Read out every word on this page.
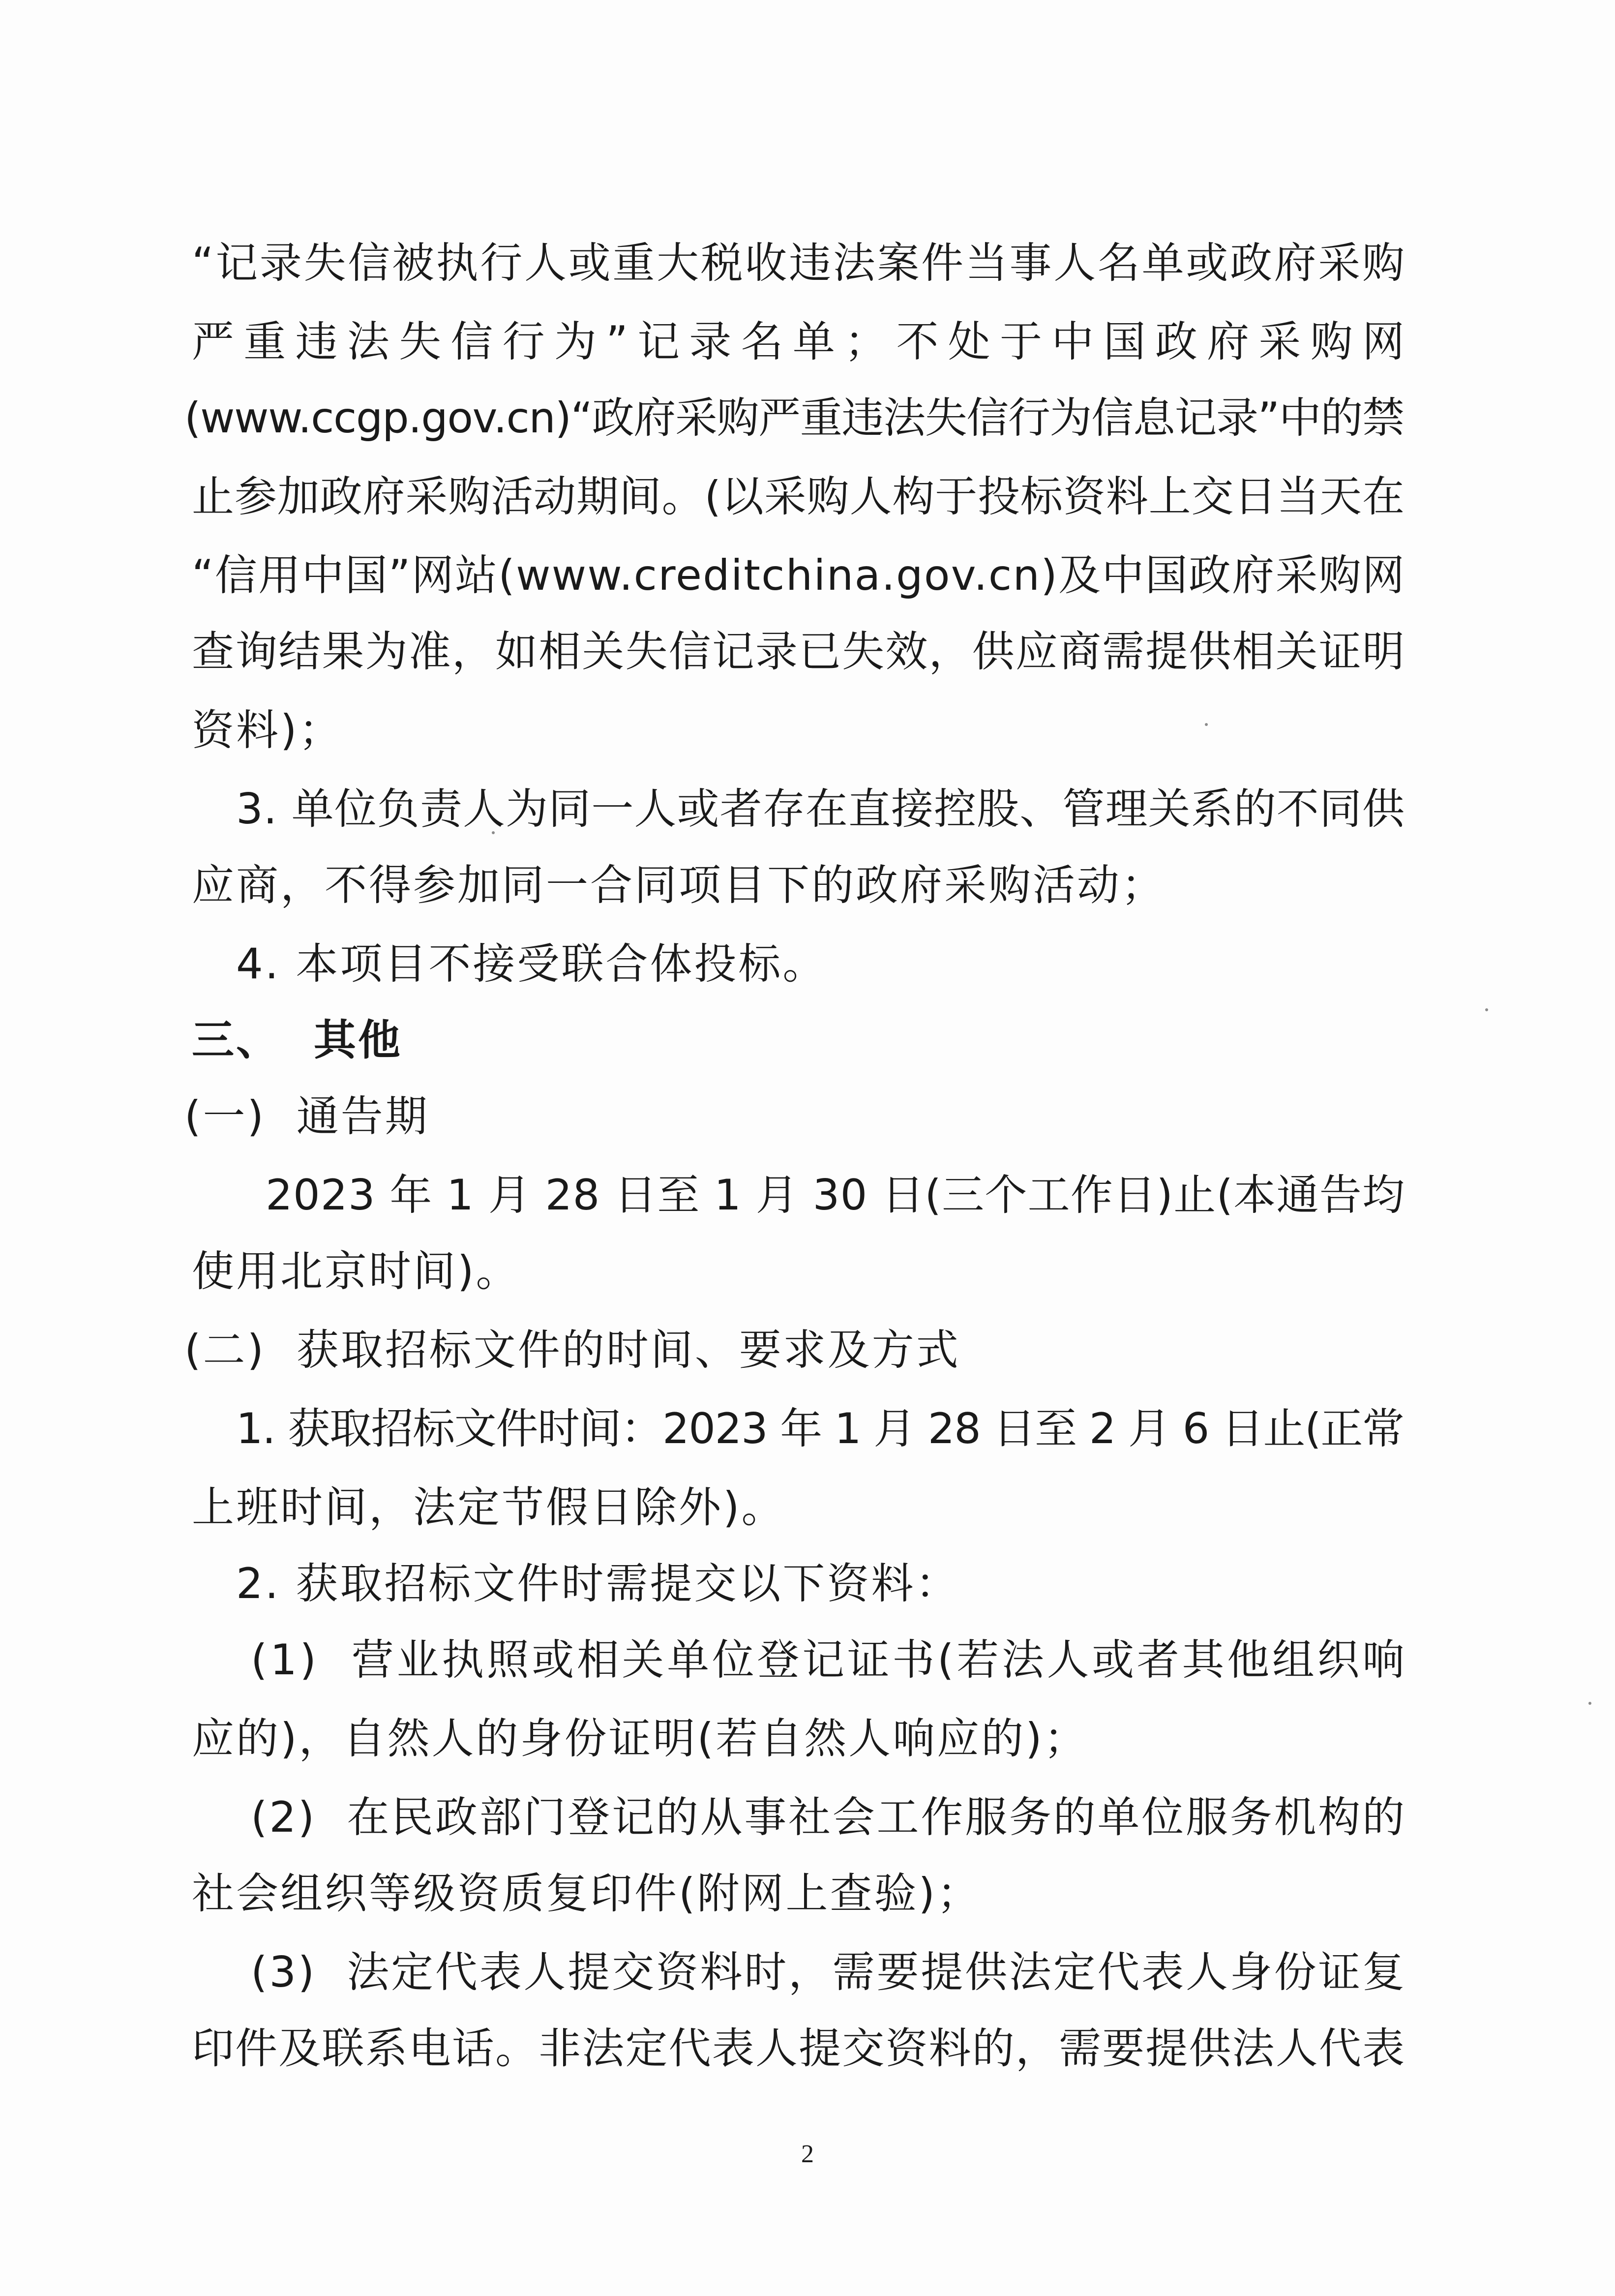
2
“记录失信被执行人或重大税收违法案件当事人名单或政府采购
严重违法失信行为”记录名单；不处于中国政府采购网
(www.ccgp.gov.cn)“政府采购严重违法失信行为信息记录”中的禁
止参加政府采购活动期间。(以采购人构于投标资料上交日当天在
“信用中国”网站(www.creditchina.gov.cn)及中国政府采购网
查询结果为准，如相关失信记录已失效，供应商需提供相关证明
资料)；
3. 单位负责人为同一人或者存在直接控股、管理关系的不同供
应商，不得参加同一合同项目下的政府采购活动；
4. 本项目不接受联合体投标。
三、  其他
(一)  通告期
2023 年 1 月 28 日至 1 月 30 日(三个工作日)止(本通告均
使用北京时间)。
(二)  获取招标文件的时间、要求及方式
1. 获取招标文件时间：2023 年 1 月 28 日至 2 月 6 日止(正常
上班时间，法定节假日除外)。
2. 获取招标文件时需提交以下资料：
(1)  营业执照或相关单位登记证书(若法人或者其他组织响
应的)，自然人的身份证明(若自然人响应的)；
(2)  在民政部门登记的从事社会工作服务的单位服务机构的
社会组织等级资质复印件(附网上查验)；
(3)  法定代表人提交资料时，需要提供法定代表人身份证复
印件及联系电话。非法定代表人提交资料的，需要提供法人代表
